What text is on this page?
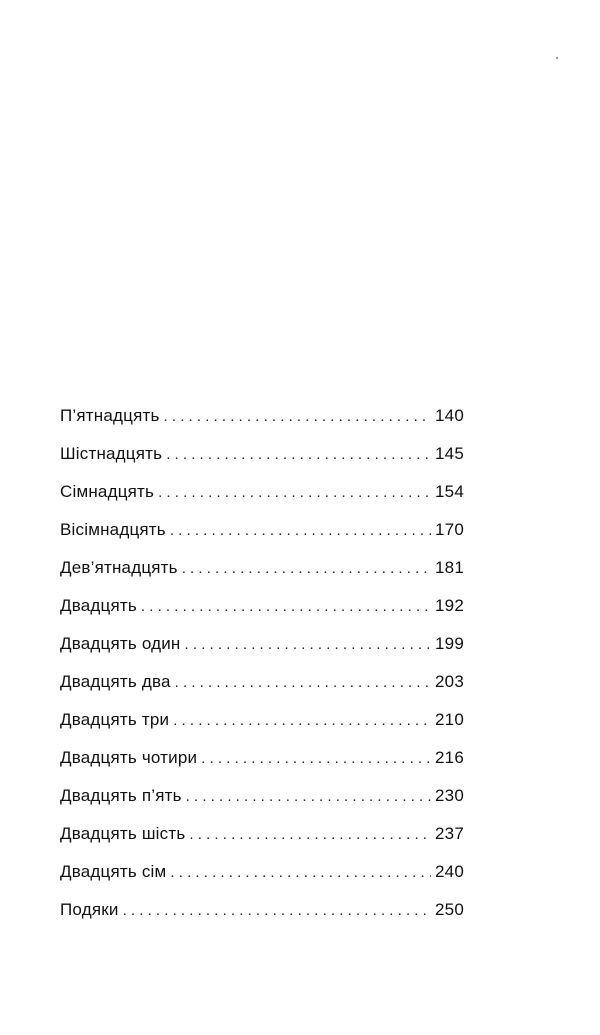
П’ятнадцять . . .	140
Шістнадцять . . .	145
Сімнадцять . . .	154
Вісімнадцять . . .	170
Дев’ятнадцять . . .	181
Двадцять . . .	192
Двадцять один . . .	199
Двадцять два . . .	203
Двадцять три . . .	210
Двадцять чотири . . .	216
Двадцять п’ять . . .	230
Двадцять шість . . .	237
Двадцять сім . . .	240
Подяки . . .	250
